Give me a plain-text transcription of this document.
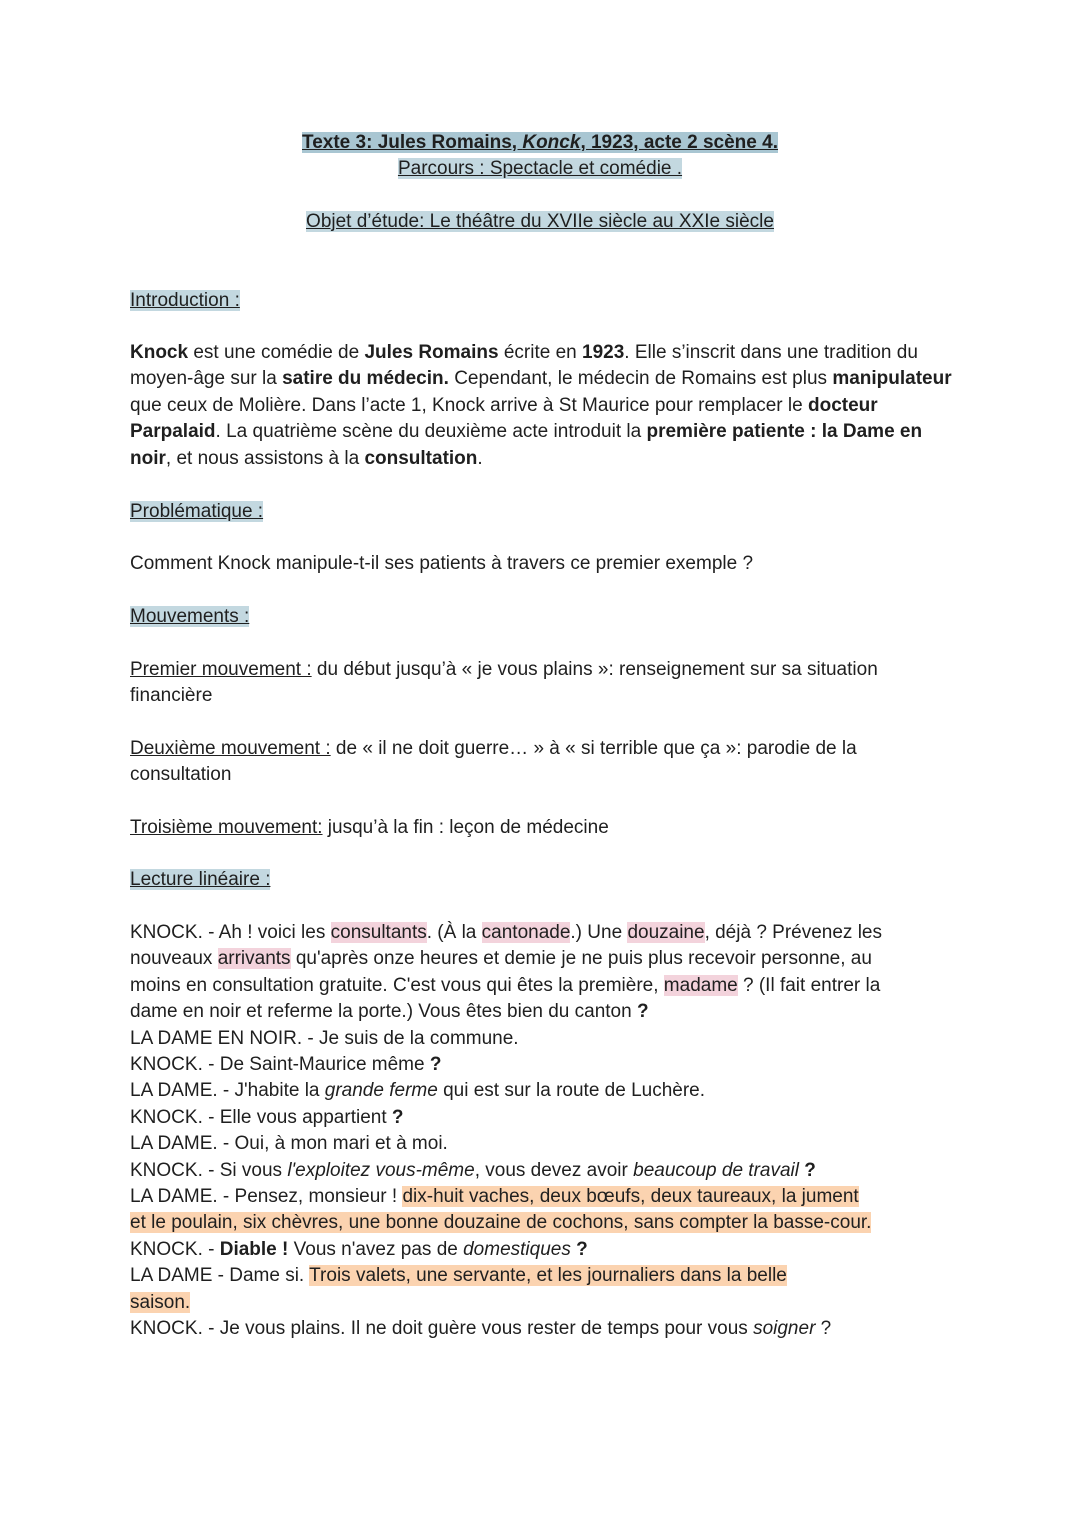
Texte 3: Jules Romains, Konck, 1923, acte 2 scène 4.
Parcours : Spectacle et comédie .
Objet d’étude: Le théâtre du XVIIe siècle au XXIe siècle
Introduction :

Knock est une comédie de Jules Romains écrite en 1923. Elle s’inscrit dans une tradition du moyen-âge sur la satire du médecin. Cependant, le médecin de Romains est plus manipulateur que ceux de Molière. Dans l’acte 1, Knock arrive à St Maurice pour remplacer le docteur Parpalaid. La quatrième scène du deuxième acte introduit la première patiente : la Dame en noir, et nous assistons à la consultation.

Problématique :

Comment Knock manipule-t-il ses patients à travers ce premier exemple ?

Mouvements :

Premier mouvement : du début jusqu’à « je vous plains »: renseignement sur sa situation financière

Deuxième mouvement : de « il ne doit guerre… » à « si terrible que ça »: parodie de la consultation

Troisième mouvement: jusqu’à la fin : leçon de médecine

Lecture linéaire :

KNOCK. - Ah ! voici les consultants. (À la cantonade.) Une douzaine, déjà ? Prévenez les nouveaux arrivants qu'après onze heures et demie je ne puis plus recevoir personne, au moins en consultation gratuite. C'est vous qui êtes la première, madame ? (Il fait entrer la dame en noir et referme la porte.) Vous êtes bien du canton ?

LA DAME EN NOIR. - Je suis de la commune.

KNOCK. - De Saint-Maurice même ?

LA DAME. - J'habite la grande ferme qui est sur la route de Luchère.

KNOCK. - Elle vous appartient ?

LA DAME. - Oui, à mon mari et à moi.

KNOCK. - Si vous l'exploitez vous-même, vous devez avoir beaucoup de travail ?

LA DAME. - Pensez, monsieur ! dix-huit vaches, deux bœufs, deux taureaux, la jument et le poulain, six chèvres, une bonne douzaine de cochons, sans compter la basse-cour.

KNOCK. - Diable ! Vous n'avez pas de domestiques ?

LA DAME - Dame si. Trois valets, une servante, et les journaliers dans la belle saison.

KNOCK. - Je vous plains. Il ne doit guère vous rester de temps pour vous soigner ?
